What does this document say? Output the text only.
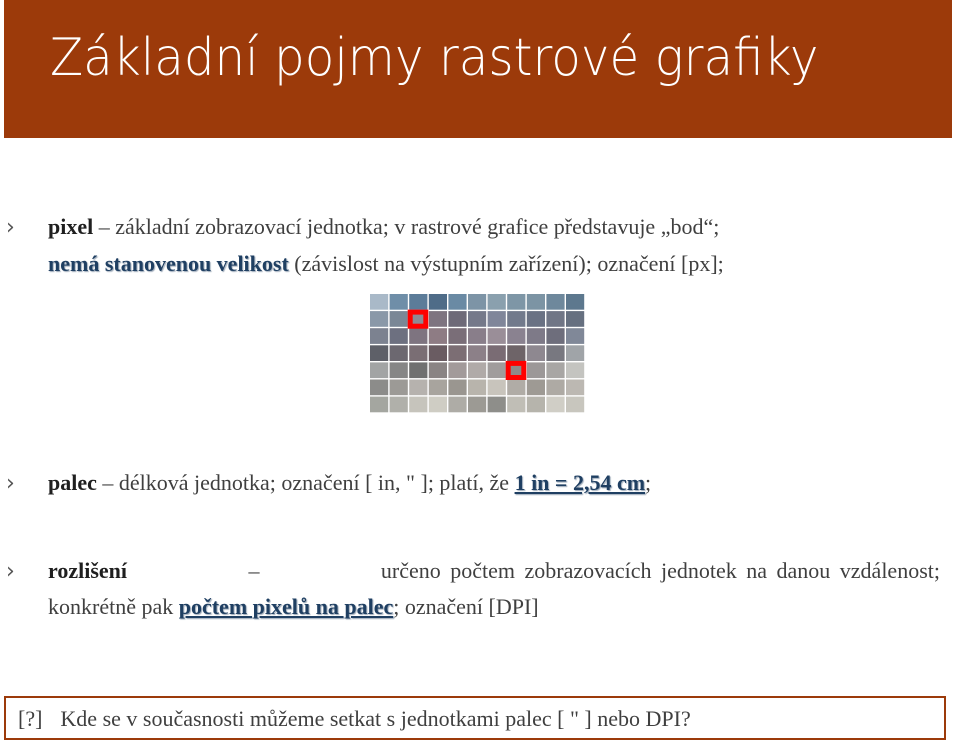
Základní pojmy rastrové grafiky
› pixel – základní zobrazovací jednotka; v rastrové grafice představuje „bod“;
nemá stanovenou velikost (závislost na výstupním zařízení); označení [px];
› palec – délková jednotka; označení [ in, " ]; platí, že 1 in = 2,54 cm;
› rozlišení	–	určeno počtem zobrazovacích jednotek na danou vzdálenost;
konkrétně pak počtem pixelů na palec; označení [DPI]
[?] Kde se v současnosti můžeme setkat s jednotkami palec [ " ] nebo DPI?
